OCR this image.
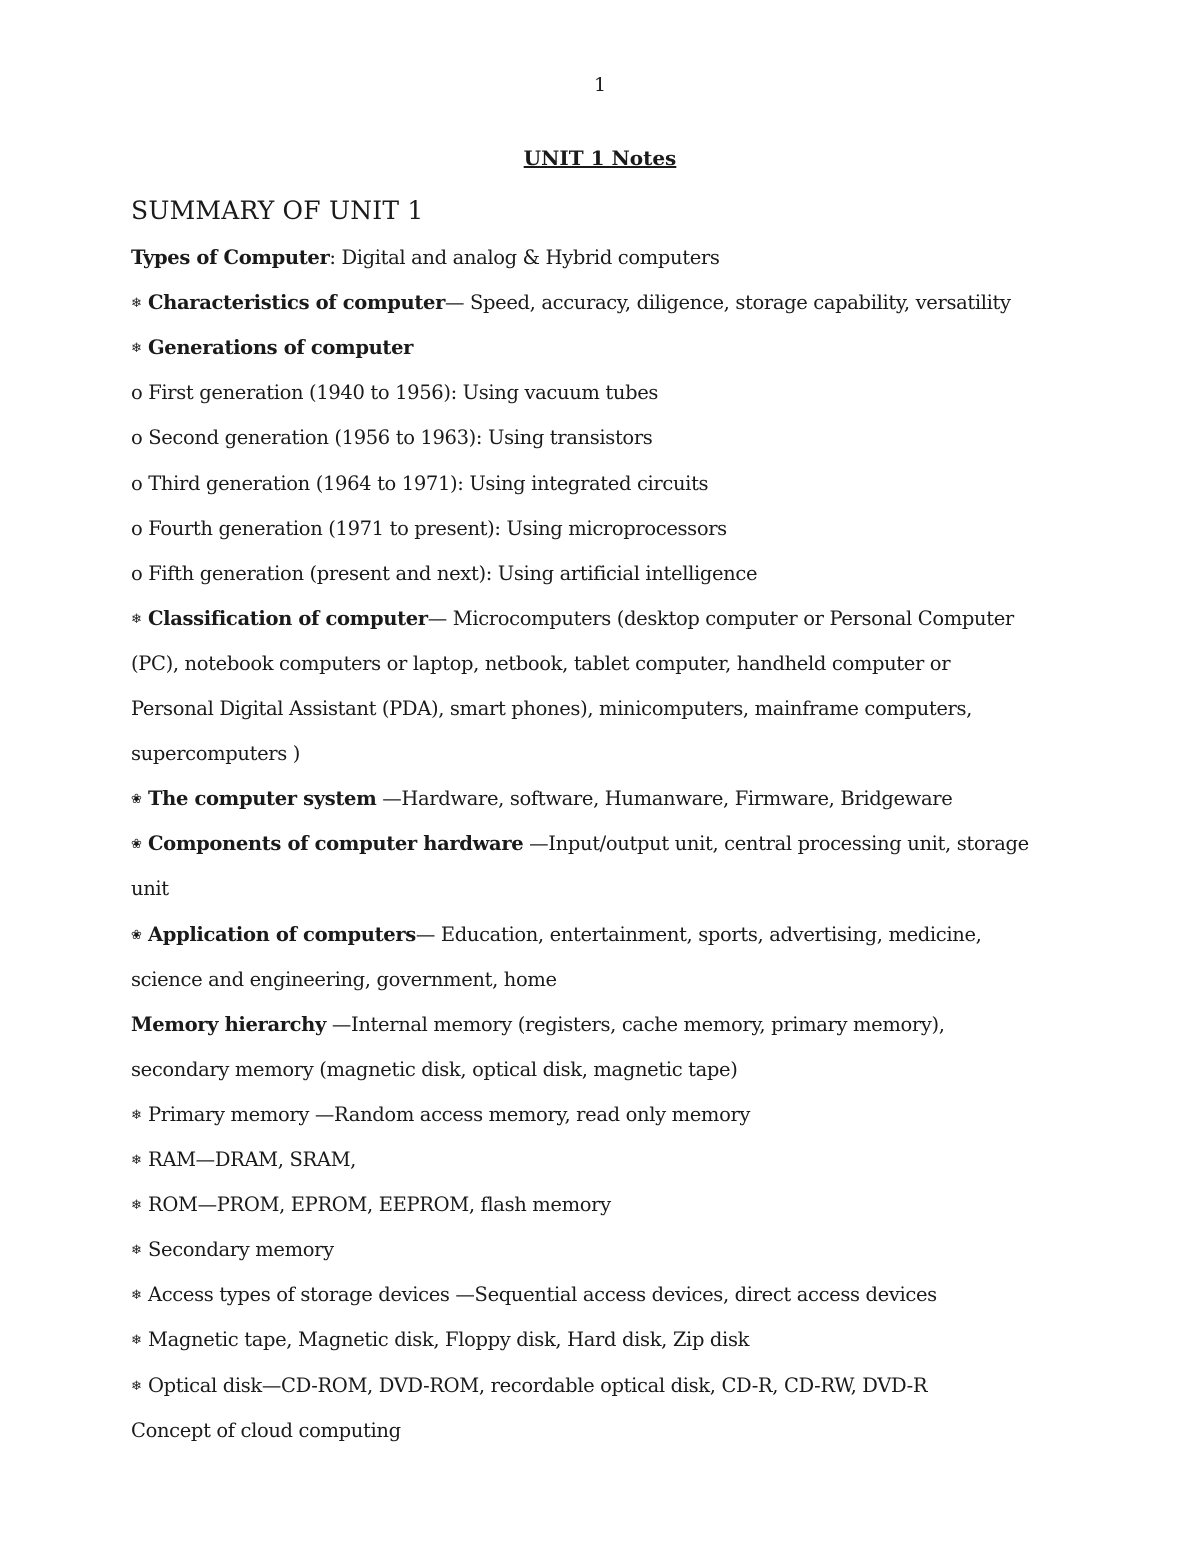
1
UNIT 1 Notes
SUMMARY OF UNIT 1
Types of Computer: Digital and analog & Hybrid computers
❄ Characteristics of computer— Speed, accuracy, diligence, storage capability, versatility
❄ Generations of computer
o First generation (1940 to 1956): Using vacuum tubes
o Second generation (1956 to 1963): Using transistors
o Third generation (1964 to 1971): Using integrated circuits
o Fourth generation (1971 to present): Using microprocessors
o Fifth generation (present and next): Using artificial intelligence
❄ Classification of computer— Microcomputers (desktop computer or Personal Computer
(PC), notebook computers or laptop, netbook, tablet computer, handheld computer or
Personal Digital Assistant (PDA), smart phones), minicomputers, mainframe computers,
supercomputers )
❀ The computer system —Hardware, software, Humanware, Firmware, Bridgeware
❀ Components of computer hardware —Input/output unit, central processing unit, storage
unit
❀ Application of computers— Education, entertainment, sports, advertising, medicine,
science and engineering, government, home
Memory hierarchy —Internal memory (registers, cache memory, primary memory),
secondary memory (magnetic disk, optical disk, magnetic tape)
❄ Primary memory —Random access memory, read only memory
❄ RAM—DRAM, SRAM,
❄ ROM—PROM, EPROM, EEPROM, flash memory
❄ Secondary memory
❄ Access types of storage devices —Sequential access devices, direct access devices
❄ Magnetic tape, Magnetic disk, Floppy disk, Hard disk, Zip disk
❄ Optical disk—CD-ROM, DVD-ROM, recordable optical disk, CD-R, CD-RW, DVD-R
Concept of cloud computing
